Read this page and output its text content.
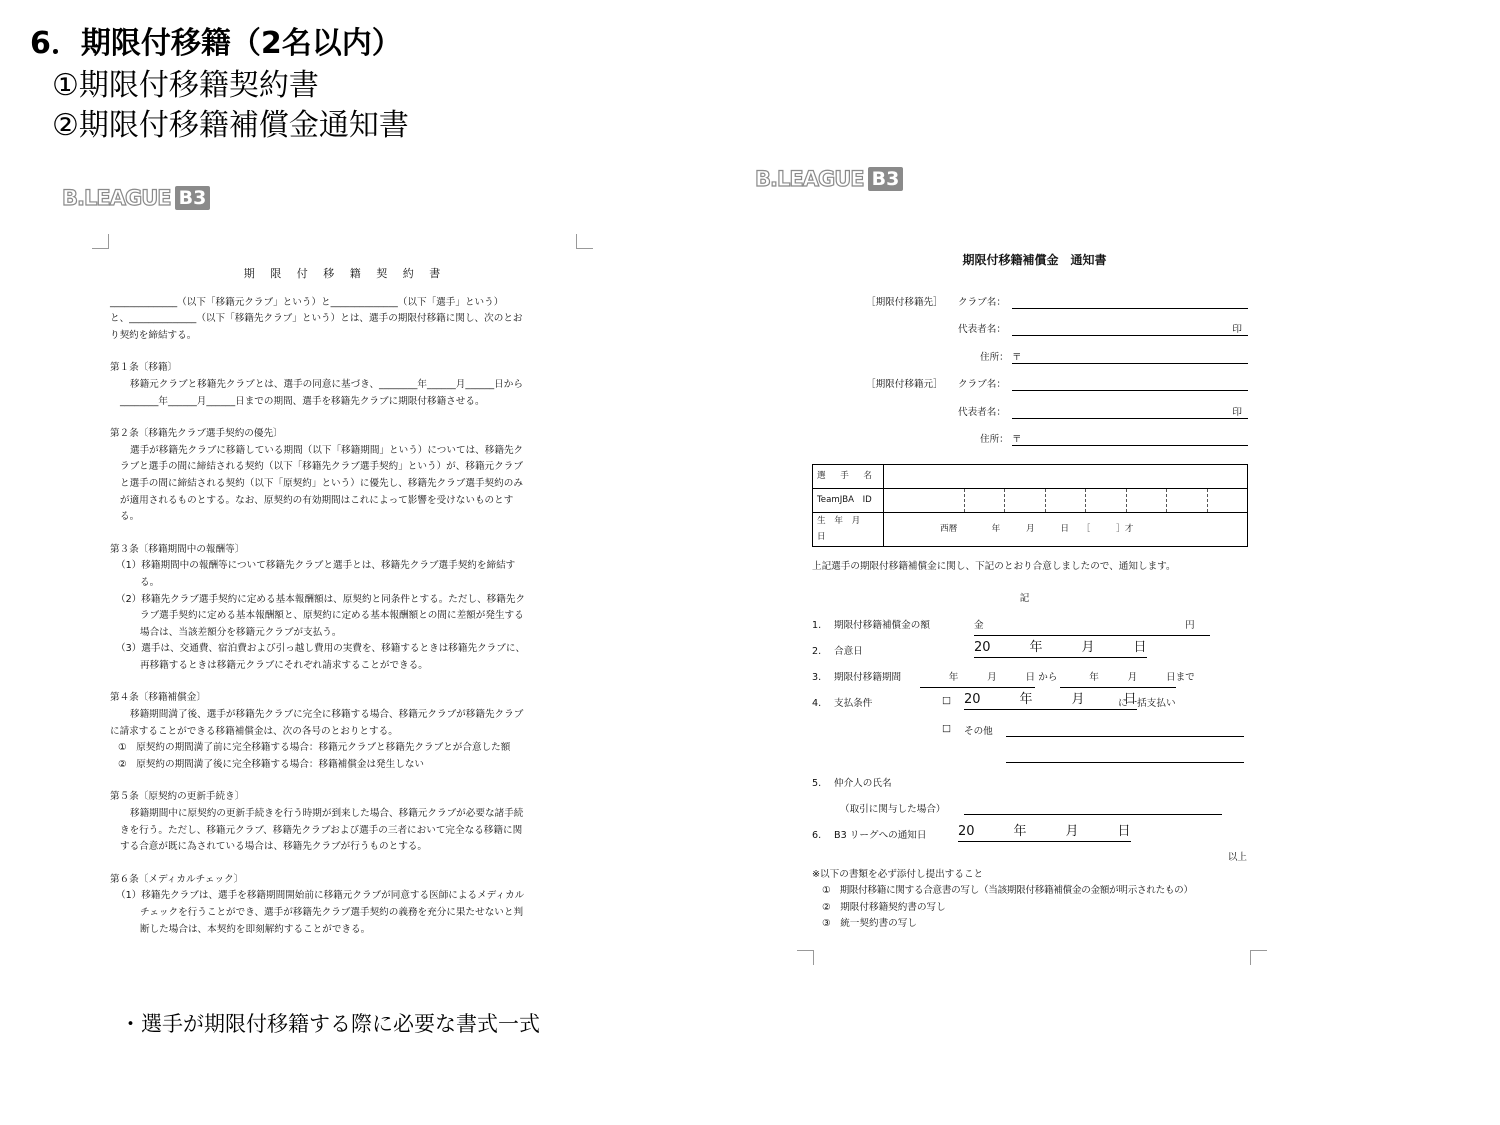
6．期限付移籍（2名以内）
①期限付移籍契約書
②期限付移籍補償金通知書
B.LEAGUE B3
B.LEAGUE B3
期 限 付 移 籍 契 約 書
______________（以下「移籍元クラブ」という）と______________（以下「選手」という）
と、______________（以下「移籍先クラブ」という）とは、選手の期限付移籍に関し、次のとお
り契約を締結する。
第１条〔移籍〕
移籍元クラブと移籍先クラブとは、選手の同意に基づき、________年______月______日から
________年______月______日までの期間、選手を移籍先クラブに期限付移籍させる。
第２条〔移籍先クラブ選手契約の優先〕
選手が移籍先クラブに移籍している期間（以下「移籍期間」という）については、移籍先ク
ラブと選手の間に締結される契約（以下「移籍先クラブ選手契約」という）が、移籍元クラブ
と選手の間に締結される契約（以下「原契約」という）に優先し、移籍先クラブ選手契約のみ
が適用されるものとする。なお、原契約の有効期間はこれによって影響を受けないものとす
る。
第３条〔移籍期間中の報酬等〕
（1）移籍期間中の報酬等について移籍先クラブと選手とは、移籍先クラブ選手契約を締結す
る。
（2）移籍先クラブ選手契約に定める基本報酬額は、原契約と同条件とする。ただし、移籍先ク
ラブ選手契約に定める基本報酬額と、原契約に定める基本報酬額との間に差額が発生する
場合は、当該差額分を移籍元クラブが支払う。
（3）選手は、交通費、宿泊費および引っ越し費用の実費を、移籍するときは移籍先クラブに、
再移籍するときは移籍元クラブにそれぞれ請求することができる。
第４条〔移籍補償金〕
移籍期間満了後、選手が移籍先クラブに完全に移籍する場合、移籍元クラブが移籍先クラブ
に請求することができる移籍補償金は、次の各号のとおりとする。
①　原契約の期間満了前に完全移籍する場合：移籍元クラブと移籍先クラブとが合意した額
②　原契約の期間満了後に完全移籍する場合：移籍補償金は発生しない
第５条〔原契約の更新手続き〕
移籍期間中に原契約の更新手続きを行う時期が到来した場合、移籍元クラブが必要な諸手続
きを行う。ただし、移籍元クラブ、移籍先クラブおよび選手の三者において完全なる移籍に関
する合意が既に為されている場合は、移籍先クラブが行うものとする。
第６条〔メディカルチェック〕
（1）移籍先クラブは、選手を移籍期間開始前に移籍元クラブが同意する医師によるメディカル
チェックを行うことができ、選手が移籍先クラブ選手契約の義務を充分に果たせないと判
断した場合は、本契約を即刻解約することができる。
期限付移籍補償金　通知書
［期限付移籍先］ クラブ名：
代表者名：	印
住所： 〒
［期限付移籍元］ クラブ名：
代表者名：	印
住所： 〒
選　手　名	
TeamJBA　ID	

生 年 月 日	西暦　　　　年　　　月　　　日　　［　　　］才
上記選手の期限付移籍補償金に関し、下記のとおり合意しましたので、通知します。
記
1. 期限付移籍補償金の額	金　　　　　　　　　　　　　　　　　　　　　円
2. 合意日	20　　　年　　　月　　　日
3. 期限付移籍期間 　　　年　　　月　　　日 から 　　　年　　　月　　　日まで
4. 支払条件	□ 20　　　年　　　月　　　日
に一括支払い
□ その他
5. 仲介人の氏名
（取引に関与した場合）
6. B3 リーグへの通知日 20　　　年　　　月　　　日
以上
※以下の書類を必ず添付し提出すること
①　期限付移籍に関する合意書の写し（当該期限付移籍補償金の金額が明示されたもの）
②　期限付移籍契約書の写し
③　統一契約書の写し
・選手が期限付移籍する際に必要な書式一式
